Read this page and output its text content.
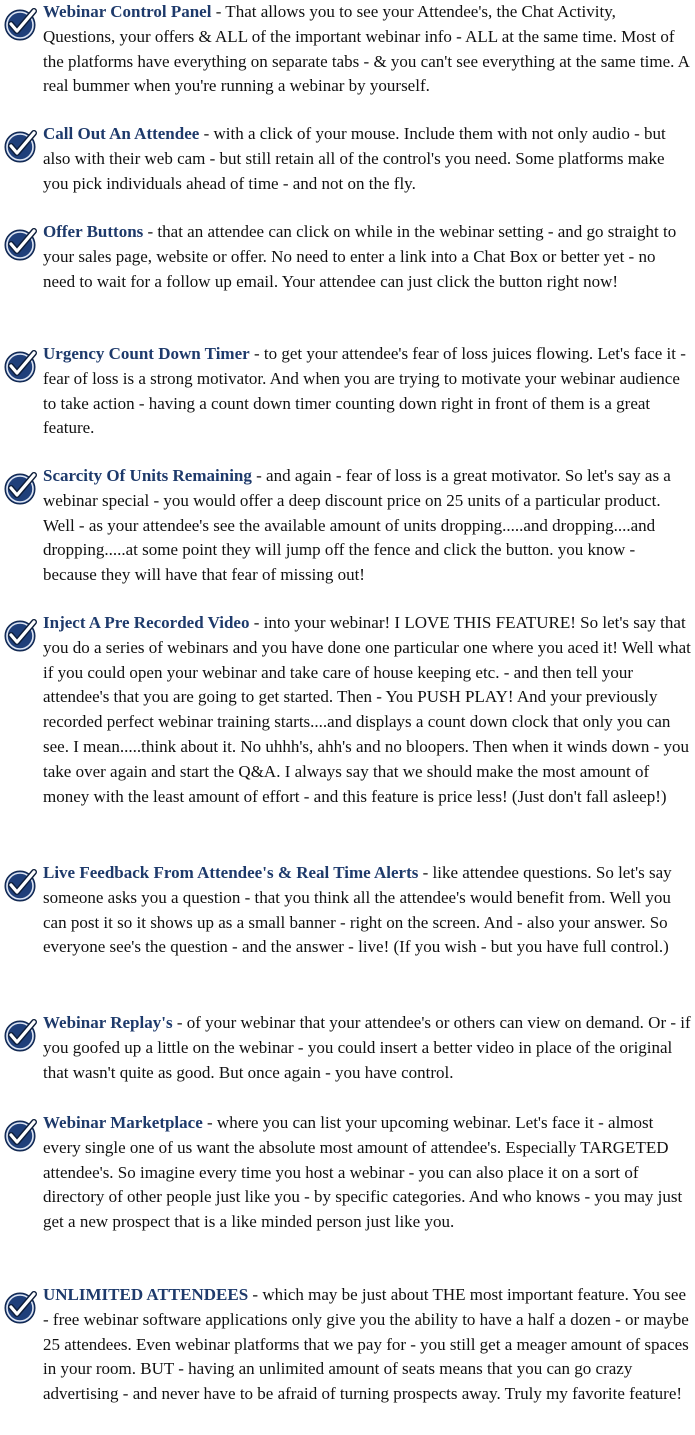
Webinar Control Panel - That allows you to see your Attendee's, the Chat Activity, Questions, your offers & ALL of the important webinar info - ALL at the same time. Most of the platforms have everything on separate tabs - & you can't see everything at the same time. A real bummer when you're running a webinar by yourself.

Call Out An Attendee - with a click of your mouse. Include them with not only audio - but also with their web cam - but still retain all of the control's you need. Some platforms make you pick individuals ahead of time - and not on the fly.

Offer Buttons - that an attendee can click on while in the webinar setting - and go straight to your sales page, website or offer. No need to enter a link into a Chat Box or better yet - no need to wait for a follow up email. Your attendee can just click the button right now!

Urgency Count Down Timer - to get your attendee's fear of loss juices flowing. Let's face it - fear of loss is a strong motivator. And when you are trying to motivate your webinar audience to take action - having a count down timer counting down right in front of them is a great feature.

Scarcity Of Units Remaining - and again - fear of loss is a great motivator. So let's say as a webinar special - you would offer a deep discount price on 25 units of a particular product. Well - as your attendee's see the available amount of units dropping.....and dropping....and dropping.....at some point they will jump off the fence and click the button. you know - because they will have that fear of missing out!

Inject A Pre Recorded Video - into your webinar! I LOVE THIS FEATURE! So let's say that you do a series of webinars and you have done one particular one where you aced it! Well what if you could open your webinar and take care of house keeping etc. - and then tell your attendee's that you are going to get started. Then - You PUSH PLAY! And your previously recorded perfect webinar training starts....and displays a count down clock that only you can see. I mean.....think about it. No uhhh's, ahh's and no bloopers. Then when it winds down - you take over again and start the Q&A. I always say that we should make the most amount of money with the least amount of effort - and this feature is price less! (Just don't fall asleep!)

Live Feedback From Attendee's & Real Time Alerts - like attendee questions. So let's say someone asks you a question - that you think all the attendee's would benefit from. Well you can post it so it shows up as a small banner - right on the screen. And - also your answer. So everyone see's the question - and the answer - live! (If you wish - but you have full control.)

Webinar Replay's - of your webinar that your attendee's or others can view on demand. Or - if you goofed up a little on the webinar - you could insert a better video in place of the original that wasn't quite as good. But once again - you have control.

Webinar Marketplace - where you can list your upcoming webinar. Let's face it - almost every single one of us want the absolute most amount of attendee's. Especially TARGETED attendee's. So imagine every time you host a webinar - you can also place it on a sort of directory of other people just like you - by specific categories. And who knows - you may just get a new prospect that is a like minded person just like you.

UNLIMITED ATTENDEES - which may be just about THE most important feature. You see - free webinar software applications only give you the ability to have a half a dozen - or maybe 25 attendees. Even webinar platforms that we pay for - you still get a meager amount of spaces in your room. BUT - having an unlimited amount of seats means that you can go crazy advertising - and never have to be afraid of turning prospects away. Truly my favorite feature!
